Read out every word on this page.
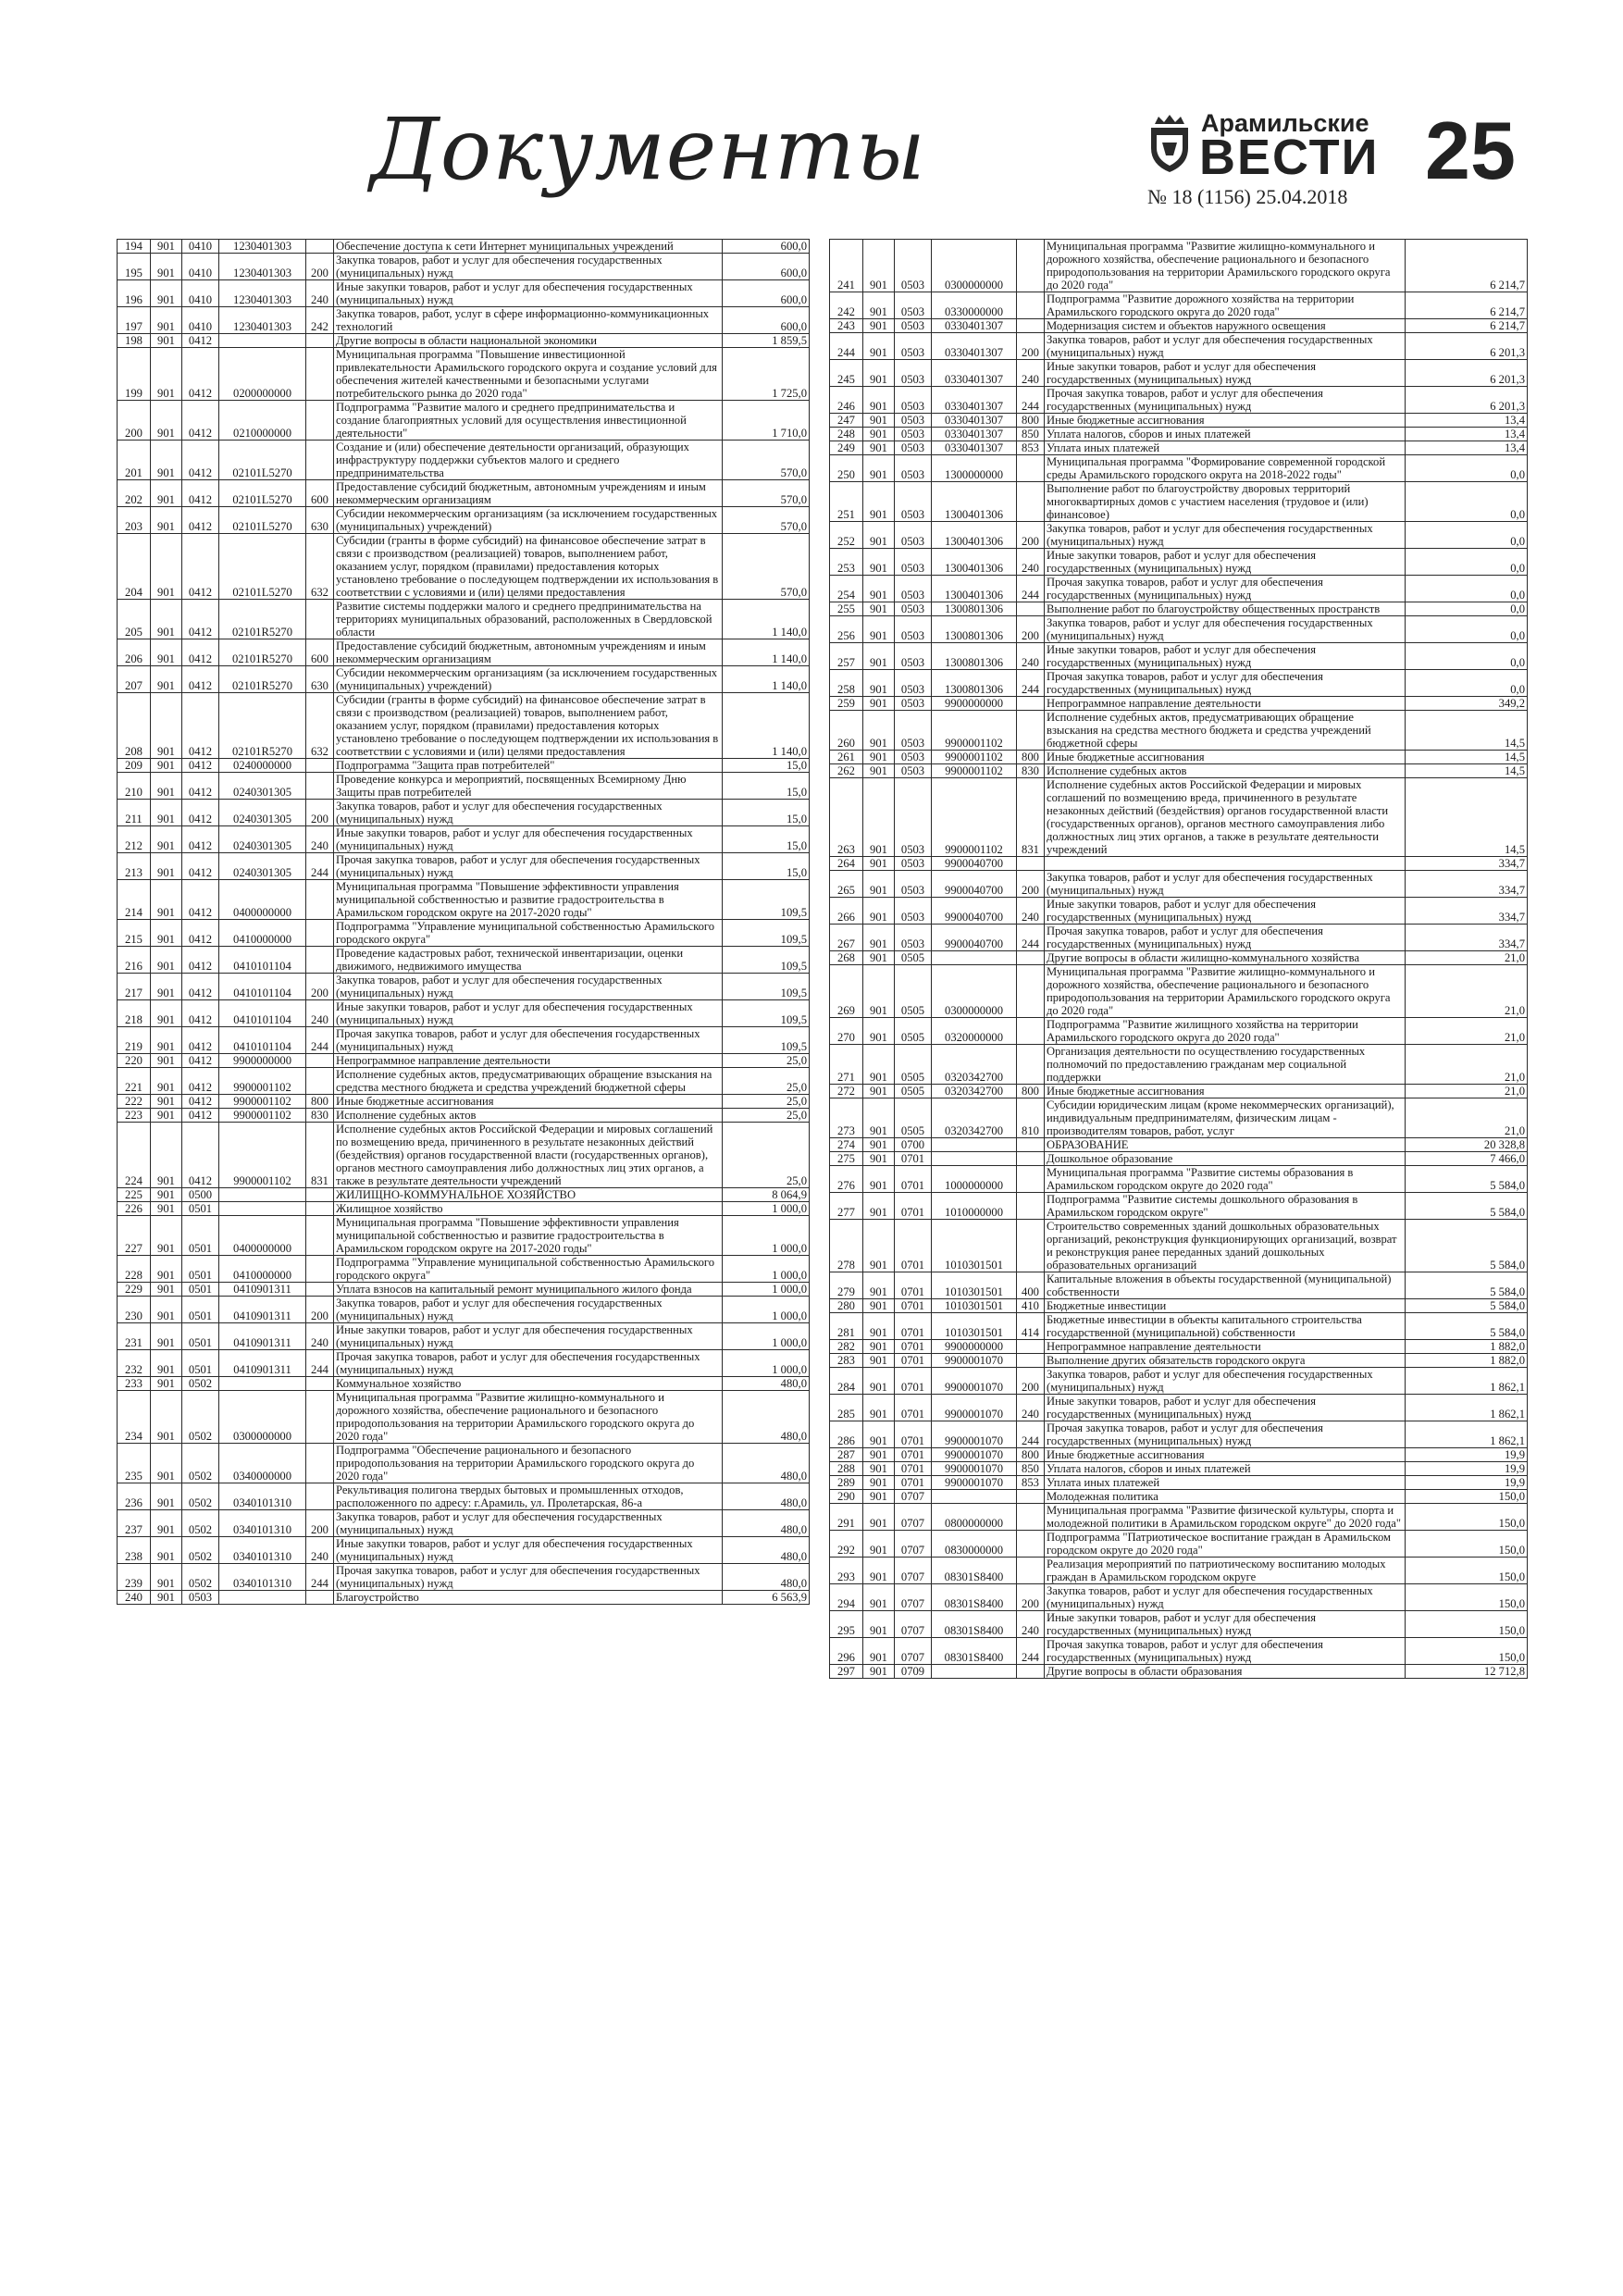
Документы	Арамильские
ВЕСТИ
№ 18 (1156) 25.04.2018
25
194	901	0410	1230401303		Обеспечение доступа к сети Интернет муниципальных учреждений	600,0
195	901	0410	1230401303	200	Закупка товаров, работ и услуг для обеспечения государственных (муниципальных) нужд	600,0
196	901	0410	1230401303	240	Иные закупки товаров, работ и услуг для обеспечения государственных (муниципальных) нужд	600,0
197	901	0410	1230401303	242	Закупка товаров, работ, услуг в сфере информационно-коммуникационных технологий	600,0
198	901	0412			Другие вопросы в области национальной экономики	1 859,5
199	901	0412	0200000000		Муниципальная программа "Повышение инвестиционной привлекательности Арамильского городского округа и создание условий для обеспечения жителей качественными и безопасными услугами потребительского рынка до 2020 года"	1 725,0
200	901	0412	0210000000		Подпрограмма "Развитие малого и среднего предпринимательства и создание благоприятных условий для осуществления инвестиционной деятельности"	1 710,0
201	901	0412	02101L5270		Создание и (или) обеспечение деятельности организаций, образующих инфраструктуру поддержки субъектов малого и среднего предпринимательства	570,0
202	901	0412	02101L5270	600	Предоставление субсидий бюджетным, автономным учреждениям и иным некоммерческим организациям	570,0
203	901	0412	02101L5270	630	Субсидии некоммерческим организациям (за исключением государственных (муниципальных) учреждений)	570,0
204	901	0412	02101L5270	632	Субсидии (гранты в форме субсидий) на финансовое обеспечение затрат в связи с производством (реализацией) товаров, выполнением работ, оказанием услуг, порядком (правилами) предоставления которых установлено требование о последующем подтверждении их использования в соответствии с условиями и (или) целями предоставления	570,0
205	901	0412	02101R5270		Развитие системы поддержки малого и среднего предпринимательства на территориях муниципальных образований, расположенных в Свердловской области	1 140,0
206	901	0412	02101R5270	600	Предоставление субсидий бюджетным, автономным учреждениям и иным некоммерческим организациям	1 140,0
207	901	0412	02101R5270	630	Субсидии некоммерческим организациям (за исключением государственных (муниципальных) учреждений)	1 140,0
208	901	0412	02101R5270	632	Субсидии (гранты в форме субсидий) на финансовое обеспечение затрат в связи с производством (реализацией) товаров, выполнением работ, оказанием услуг, порядком (правилами) предоставления которых установлено требование о последующем подтверждении их использования в соответствии с условиями и (или) целями предоставления	1 140,0
209	901	0412	0240000000		Подпрограмма "Защита прав потребителей"	15,0
210	901	0412	0240301305		Проведение конкурса и мероприятий, посвященных Всемирному Дню Защиты прав потребителей	15,0
211	901	0412	0240301305	200	Закупка товаров, работ и услуг для обеспечения государственных (муниципальных) нужд	15,0
212	901	0412	0240301305	240	Иные закупки товаров, работ и услуг для обеспечения государственных (муниципальных) нужд	15,0
213	901	0412	0240301305	244	Прочая закупка товаров, работ и услуг для обеспечения государственных (муниципальных) нужд	15,0
214	901	0412	0400000000		Муниципальная программа "Повышение эффективности управления муниципальной собственностью и развитие градостроительства в Арамильском городском округе на 2017-2020 годы"	109,5
215	901	0412	0410000000		Подпрограмма "Управление муниципальной собственностью Арамильского городского округа"	109,5
216	901	0412	0410101104		Проведение кадастровых работ, технической инвентаризации, оценки движимого, недвижимого имущества	109,5
217	901	0412	0410101104	200	Закупка товаров, работ и услуг для обеспечения государственных (муниципальных) нужд	109,5
218	901	0412	0410101104	240	Иные закупки товаров, работ и услуг для обеспечения государственных (муниципальных) нужд	109,5
219	901	0412	0410101104	244	Прочая закупка товаров, работ и услуг для обеспечения государственных (муниципальных) нужд	109,5
220	901	0412	9900000000		Непрограммное направление деятельности	25,0
221	901	0412	9900001102		Исполнение судебных актов, предусматривающих обращение взыскания на средства местного бюджета и средства учреждений бюджетной сферы	25,0
222	901	0412	9900001102	800	Иные бюджетные ассигнования	25,0
223	901	0412	9900001102	830	Исполнение судебных актов	25,0
224	901	0412	9900001102	831	Исполнение судебных актов Российской Федерации и мировых соглашений по возмещению вреда, причиненного в результате незаконных действий (бездействия) органов государственной власти (государственных органов), органов местного самоуправления либо должностных лиц этих органов, а также в результате деятельности учреждений	25,0
225	901	0500			ЖИЛИЩНО-КОММУНАЛЬНОЕ ХОЗЯЙСТВО	8 064,9
226	901	0501			Жилищное хозяйство	1 000,0
227	901	0501	0400000000		Муниципальная программа "Повышение эффективности управления муниципальной собственностью и развитие градостроительства в Арамильском городском округе на 2017-2020 годы"	1 000,0
228	901	0501	0410000000		Подпрограмма "Управление муниципальной собственностью Арамильского городского округа"	1 000,0
229	901	0501	0410901311		Уплата взносов на капитальный ремонт муниципального жилого фонда	1 000,0
230	901	0501	0410901311	200	Закупка товаров, работ и услуг для обеспечения государственных (муниципальных) нужд	1 000,0
231	901	0501	0410901311	240	Иные закупки товаров, работ и услуг для обеспечения государственных (муниципальных) нужд	1 000,0
232	901	0501	0410901311	244	Прочая закупка товаров, работ и услуг для обеспечения государственных (муниципальных) нужд	1 000,0
233	901	0502			Коммунальное хозяйство	480,0
234	901	0502	0300000000		Муниципальная программа "Развитие жилищно-коммунального и дорожного хозяйства, обеспечение рационального и безопасного природопользования на территории Арамильского городского округа до 2020 года"	480,0
235	901	0502	0340000000		Подпрограмма "Обеспечение рационального и безопасного природопользования на территории Арамильского городского округа до 2020 года"	480,0
236	901	0502	0340101310		Рекультивация полигона твердых бытовых и промышленных отходов, расположенного по адресу: г.Арамиль, ул. Пролетарская, 86-а	480,0
237	901	0502	0340101310	200	Закупка товаров, работ и услуг для обеспечения государственных (муниципальных) нужд	480,0
238	901	0502	0340101310	240	Иные закупки товаров, работ и услуг для обеспечения государственных (муниципальных) нужд	480,0
239	901	0502	0340101310	244	Прочая закупка товаров, работ и услуг для обеспечения государственных (муниципальных) нужд	480,0
240	901	0503			Благоустройство	6 563,9
241	901	0503	0300000000		Муниципальная программа "Развитие жилищно-коммунального и дорожного хозяйства, обеспечение рационального и безопасного природопользования на территории Арамильского городского округа до 2020 года"	6 214,7
242	901	0503	0330000000		Подпрограмма "Развитие дорожного хозяйства на территории Арамильского городского округа до 2020 года"	6 214,7
243	901	0503	0330401307		Модернизация систем и объектов наружного освещения	6 214,7
244	901	0503	0330401307	200	Закупка товаров, работ и услуг для обеспечения государственных (муниципальных) нужд	6 201,3
245	901	0503	0330401307	240	Иные закупки товаров, работ и услуг для обеспечения государственных (муниципальных) нужд	6 201,3
246	901	0503	0330401307	244	Прочая закупка товаров, работ и услуг для обеспечения государственных (муниципальных) нужд	6 201,3
247	901	0503	0330401307	800	Иные бюджетные ассигнования	13,4
248	901	0503	0330401307	850	Уплата налогов, сборов и иных платежей	13,4
249	901	0503	0330401307	853	Уплата иных платежей	13,4
250	901	0503	1300000000		Муниципальная программа "Формирование современной городской среды Арамильского городского округа на 2018-2022 годы"	0,0
251	901	0503	1300401306		Выполнение работ по благоустройству дворовых территорий многоквартирных домов с участием населения (трудовое и (или) финансовое)	0,0
252	901	0503	1300401306	200	Закупка товаров, работ и услуг для обеспечения государственных (муниципальных) нужд	0,0
253	901	0503	1300401306	240	Иные закупки товаров, работ и услуг для обеспечения государственных (муниципальных) нужд	0,0
254	901	0503	1300401306	244	Прочая закупка товаров, работ и услуг для обеспечения государственных (муниципальных) нужд	0,0
255	901	0503	1300801306		Выполнение работ по благоустройству общественных пространств	0,0
256	901	0503	1300801306	200	Закупка товаров, работ и услуг для обеспечения государственных (муниципальных) нужд	0,0
257	901	0503	1300801306	240	Иные закупки товаров, работ и услуг для обеспечения государственных (муниципальных) нужд	0,0
258	901	0503	1300801306	244	Прочая закупка товаров, работ и услуг для обеспечения государственных (муниципальных) нужд	0,0
259	901	0503	9900000000		Непрограммное направление деятельности	349,2
260	901	0503	9900001102		Исполнение судебных актов, предусматривающих обращение взыскания на средства местного бюджета и средства учреждений бюджетной сферы	14,5
261	901	0503	9900001102	800	Иные бюджетные ассигнования	14,5
262	901	0503	9900001102	830	Исполнение судебных актов	14,5
263	901	0503	9900001102	831	Исполнение судебных актов Российской Федерации и мировых соглашений по возмещению вреда, причиненного в результате незаконных действий (бездействия) органов государственной власти (государственных органов), органов местного самоуправления либо должностных лиц этих органов, а также в результате деятельности учреждений	14,5
264	901	0503	9900040700			334,7
265	901	0503	9900040700	200	Закупка товаров, работ и услуг для обеспечения государственных (муниципальных) нужд	334,7
266	901	0503	9900040700	240	Иные закупки товаров, работ и услуг для обеспечения государственных (муниципальных) нужд	334,7
267	901	0503	9900040700	244	Прочая закупка товаров, работ и услуг для обеспечения государственных (муниципальных) нужд	334,7
268	901	0505			Другие вопросы в области жилищно-коммунального хозяйства	21,0
269	901	0505	0300000000		Муниципальная программа "Развитие жилищно-коммунального и дорожного хозяйства, обеспечение рационального и безопасного природопользования на территории Арамильского городского округа до 2020 года"	21,0
270	901	0505	0320000000		Подпрограмма "Развитие жилищного хозяйства на территории Арамильского городского округа до 2020 года"	21,0
271	901	0505	0320342700		Организация деятельности по осуществлению государственных полномочий по предоставлению гражданам мер социальной поддержки	21,0
272	901	0505	0320342700	800	Иные бюджетные ассигнования	21,0
273	901	0505	0320342700	810	Субсидии юридическим лицам (кроме некоммерческих организаций), индивидуальным предпринимателям, физическим лицам - производителям товаров, работ, услуг	21,0
274	901	0700			ОБРАЗОВАНИЕ	20 328,8
275	901	0701			Дошкольное образование	7 466,0
276	901	0701	1000000000		Муниципальная программа "Развитие системы образования в Арамильском городском округе до 2020 года"	5 584,0
277	901	0701	1010000000		Подпрограмма "Развитие системы дошкольного образования в Арамильском городском округе"	5 584,0
278	901	0701	1010301501		Строительство современных зданий дошкольных образовательных организаций, реконструкция функционирующих организаций, возврат и реконструкция ранее переданных зданий дошкольных образовательных организаций	5 584,0
279	901	0701	1010301501	400	Капитальные вложения в объекты государственной (муниципальной) собственности	5 584,0
280	901	0701	1010301501	410	Бюджетные инвестиции	5 584,0
281	901	0701	1010301501	414	Бюджетные инвестиции в объекты капитального строительства государственной (муниципальной) собственности	5 584,0
282	901	0701	9900000000		Непрограммное направление деятельности	1 882,0
283	901	0701	9900001070		Выполнение других обязательств городского округа	1 882,0
284	901	0701	9900001070	200	Закупка товаров, работ и услуг для обеспечения государственных (муниципальных) нужд	1 862,1
285	901	0701	9900001070	240	Иные закупки товаров, работ и услуг для обеспечения государственных (муниципальных) нужд	1 862,1
286	901	0701	9900001070	244	Прочая закупка товаров, работ и услуг для обеспечения государственных (муниципальных) нужд	1 862,1
287	901	0701	9900001070	800	Иные бюджетные ассигнования	19,9
288	901	0701	9900001070	850	Уплата налогов, сборов и иных платежей	19,9
289	901	0701	9900001070	853	Уплата иных платежей	19,9
290	901	0707			Молодежная политика	150,0
291	901	0707	0800000000		Муниципальная программа "Развитие физической культуры, спорта и молодежной политики в Арамильском городском округе" до 2020 года"	150,0
292	901	0707	0830000000		Подпрограмма "Патриотическое воспитание граждан в Арамильском городском округе до 2020 года"	150,0
293	901	0707	08301S8400		Реализация мероприятий по патриотическому воспитанию молодых граждан в Арамильском городском округе	150,0
294	901	0707	08301S8400	200	Закупка товаров, работ и услуг для обеспечения государственных (муниципальных) нужд	150,0
295	901	0707	08301S8400	240	Иные закупки товаров, работ и услуг для обеспечения государственных (муниципальных) нужд	150,0
296	901	0707	08301S8400	244	Прочая закупка товаров, работ и услуг для обеспечения государственных (муниципальных) нужд	150,0
297	901	0709			Другие вопросы в области образования	12 712,8
